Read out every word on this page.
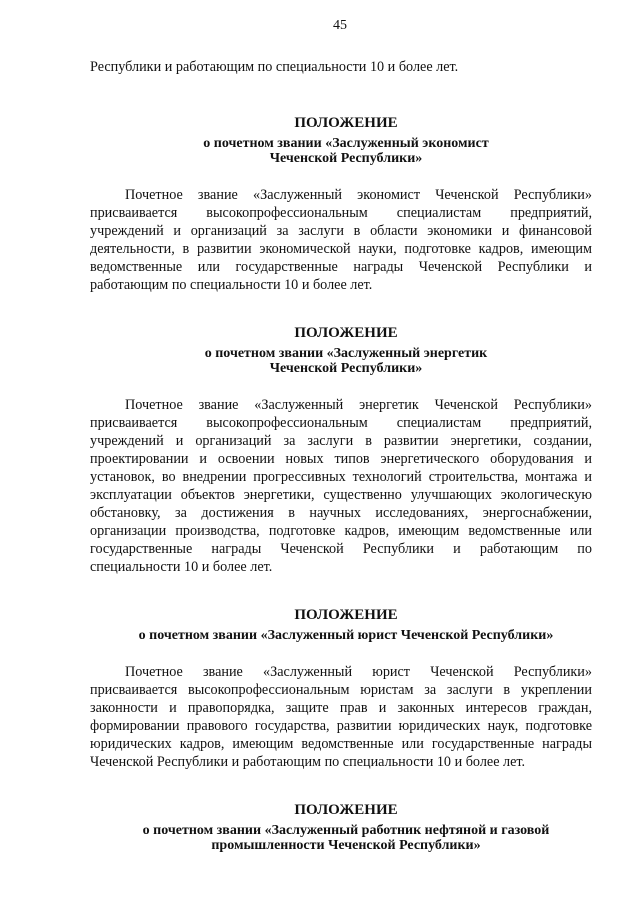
45

Республики и работающим по специальности 10 и более лет.

ПОЛОЖЕНИЕ
о почетном звании «Заслуженный экономист
Чеченской Республики»

Почетное звание «Заслуженный экономист Чеченской Республики» присваивается высокопрофессиональным специалистам предприятий, учреждений и организаций за заслуги в области экономики и финансовой деятельности, в развитии экономической науки, подготовке кадров, имеющим ведомственные или государственные награды Чеченской Республики и работающим по специальности 10 и более лет.

ПОЛОЖЕНИЕ
о почетном звании «Заслуженный энергетик
Чеченской Республики»

Почетное звание «Заслуженный энергетик Чеченской Республики» присваивается высокопрофессиональным специалистам предприятий, учреждений и организаций за заслуги в развитии энергетики, создании, проектировании и освоении новых типов энергетического оборудования и установок, во внедрении прогрессивных технологий строительства, монтажа и эксплуатации объектов энергетики, существенно улучшающих экологическую обстановку, за достижения в научных исследованиях, энергоснабжении, организации производства, подготовке кадров, имеющим ведомственные или государственные награды Чеченской Республики и работающим по специальности 10 и более лет.

ПОЛОЖЕНИЕ
о почетном звании «Заслуженный юрист Чеченской Республики»

Почетное звание «Заслуженный юрист Чеченской Республики» присваивается высокопрофессиональным юристам за заслуги в укреплении законности и правопорядка, защите прав и законных интересов граждан, формировании правового государства, развитии юридических наук, подготовке юридических кадров, имеющим ведомственные или государственные награды Чеченской Республики и работающим по специальности 10 и более лет.

ПОЛОЖЕНИЕ
о почетном звании «Заслуженный работник нефтяной и газовой
промышленности Чеченской Республики»
